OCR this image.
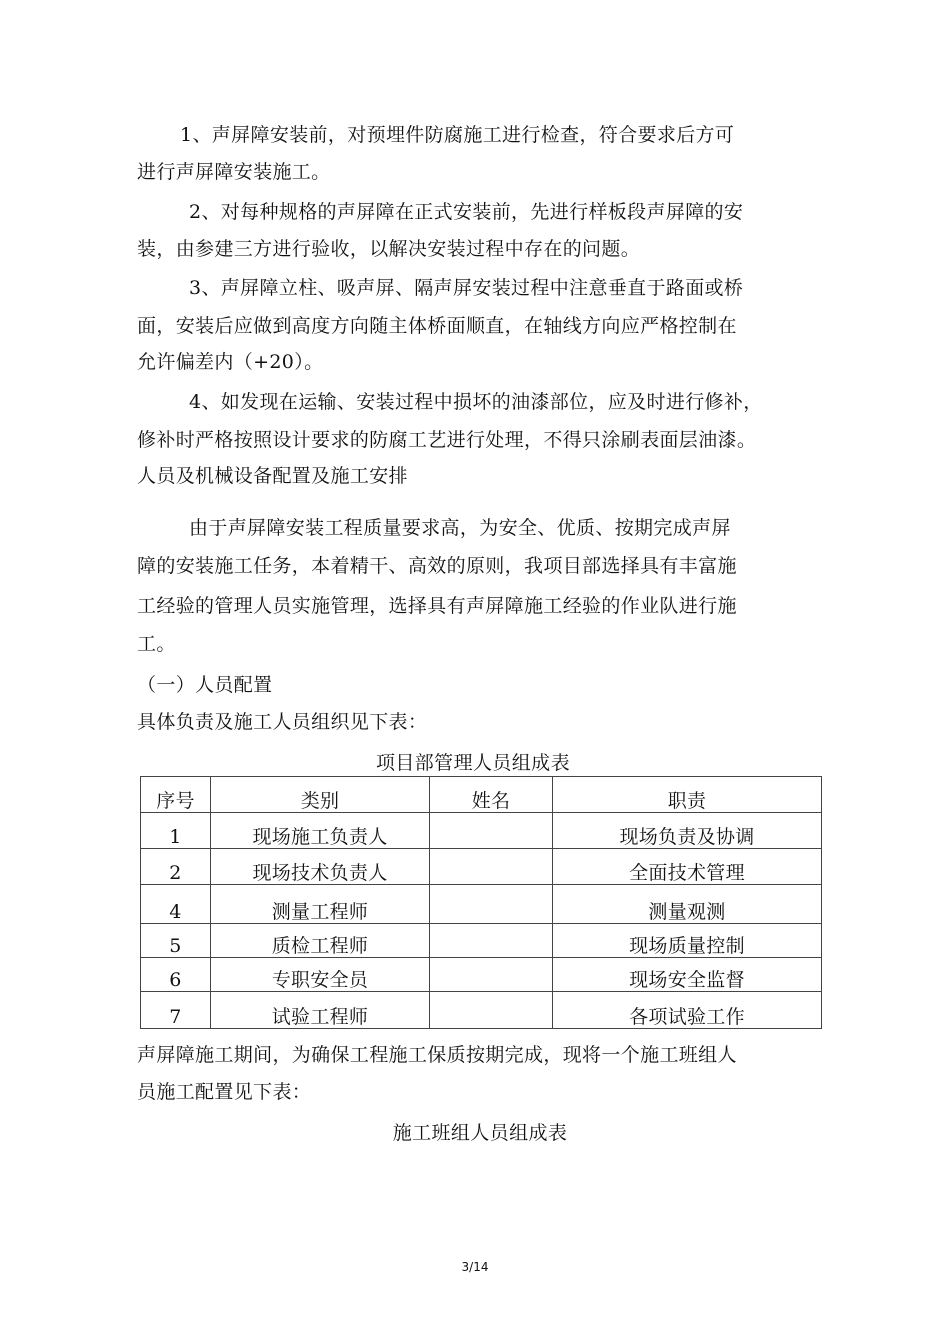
1、声屏障安装前，对预埋件防腐施工进行检查，符合要求后方可
进行声屏障安装施工。
2、对每种规格的声屏障在正式安装前，先进行样板段声屏障的安
装，由参建三方进行验收，以解决安装过程中存在的问题。
3、声屏障立柱、吸声屏、隔声屏安装过程中注意垂直于路面或桥
面，安装后应做到高度方向随主体桥面顺直，在轴线方向应严格控制在
允许偏差内（+20）。
4、如发现在运输、安装过程中损坏的油漆部位，应及时进行修补，
修补时严格按照设计要求的防腐工艺进行处理，不得只涂刷表面层油漆。
人员及机械设备配置及施工安排
由于声屏障安装工程质量要求高，为安全、优质、按期完成声屏
障的安装施工任务，本着精干、高效的原则，我项目部选择具有丰富施
工经验的管理人员实施管理，选择具有声屏障施工经验的作业队进行施
工。
（一）人员配置
具体负责及施工人员组织见下表：
项目部管理人员组成表
序号	类别	姓名	职责
1	现场施工负责人		现场负责及协调
2	现场技术负责人		全面技术管理
4	测量工程师		测量观测
5	质检工程师		现场质量控制
6	专职安全员		现场安全监督
7	试验工程师		各项试验工作
声屏障施工期间，为确保工程施工保质按期完成，现将一个施工班组人
员施工配置见下表：
施工班组人员组成表
3/14
